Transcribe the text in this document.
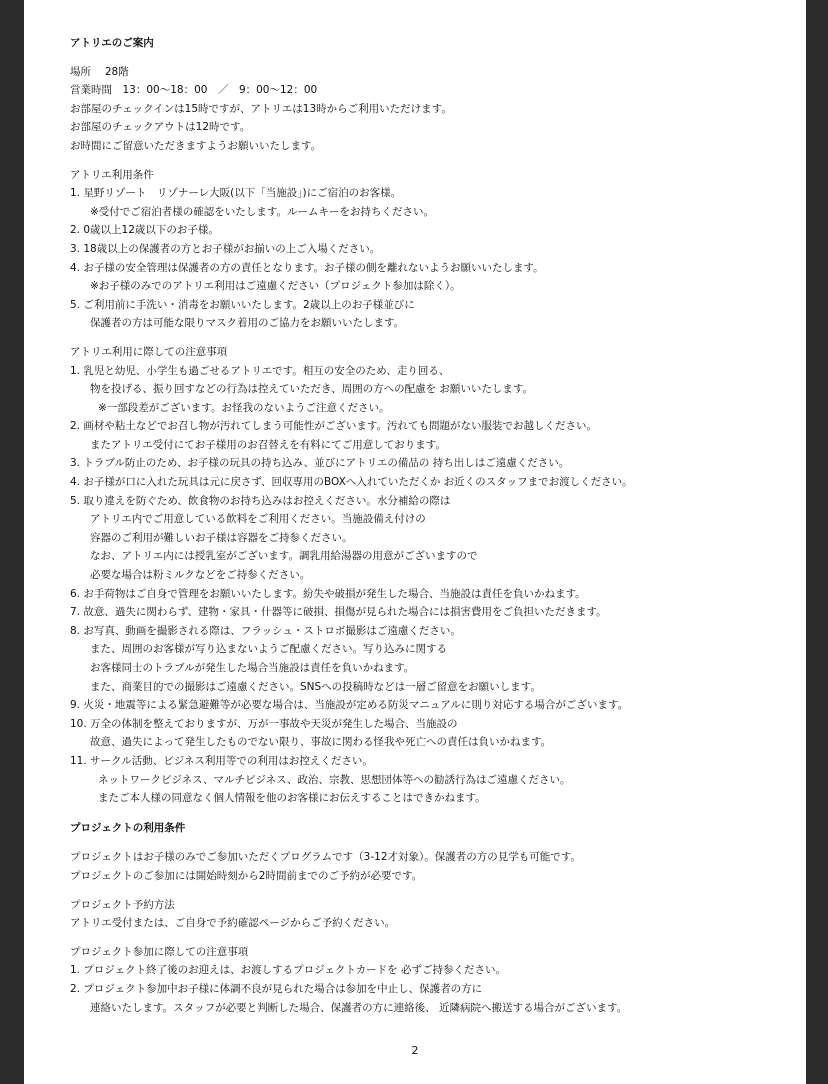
アトリエのご案内
場所　 28階
営業時間　13：00〜18：00　／　9：00〜12：00
お部屋のチェックインは15時ですが、アトリエは13時からご利用いただけます。
お部屋のチェックアウトは12時です。
お時間にご留意いただきますようお願いいたします。
アトリエ利用条件
1. 星野リゾート　リゾナーレ大阪(以下「当施設」)にご宿泊のお客様。
※受付でご宿泊者様の確認をいたします。ルームキーをお持ちください。
2. 0歳以上12歳以下のお子様。
3. 18歳以上の保護者の方とお子様がお揃いの上ご入場ください。
4. お子様の安全管理は保護者の方の責任となります。お子様の側を離れないようお願いいたします。
※お子様のみでのアトリエ利用はご遠慮ください（プロジェクト参加は除く）。
5. ご利用前に手洗い・消毒をお願いいたします。2歳以上のお子様並びに
保護者の方は可能な限りマスク着用のご協力をお願いいたします。
アトリエ利用に際しての注意事項
1. 乳児と幼児、小学生も過ごせるアトリエです。相互の安全のため、走り回る、
物を投げる、振り回すなどの行為は控えていただき、周囲の方への配慮を お願いいたします。
※一部段差がございます。お怪我のないようご注意ください。
2. 画材や粘土などでお召し物が汚れてしまう可能性がございます。汚れても問題がない服装でお越しください。
またアトリエ受付にてお子様用のお召替えを有料にてご用意しております。
3. トラブル防止のため、お子様の玩具の持ち込み、並びにアトリエの備品の 持ち出しはご遠慮ください。
4. お子様が口に入れた玩具は元に戻さず、回収専用のBOXへ入れていただくか お近くのスタッフまでお渡しください。
5. 取り違えを防ぐため、飲食物のお持ち込みはお控えください。水分補給の際は
アトリエ内でご用意している飲料をご利用ください。当施設備え付けの
容器のご利用が難しいお子様は容器をご持参ください。
なお、アトリエ内には授乳室がございます。調乳用給湯器の用意がございますので
必要な場合は粉ミルクなどをご持参ください。
6. お手荷物はご自身で管理をお願いいたします。紛失や破損が発生した場合、当施設は責任を負いかねます。
7. 故意、過失に関わらず、建物・家具・什器等に破損、損傷が見られた場合には損害費用をご負担いただきます。
8. お写真、動画を撮影される際は、フラッシュ・ストロボ撮影はご遠慮ください。
また、周囲のお客様が写り込まないようご配慮ください。写り込みに関する
お客様同士のトラブルが発生した場合当施設は責任を負いかねます。
また、商業目的での撮影はご遠慮ください。SNSへの投稿時などは一層ご留意をお願いします。
9. 火災・地震等による緊急避難等が必要な場合は、当施設が定める防災マニュアルに則り対応する場合がございます。
10. 万全の体制を整えておりますが、万が一事故や天災が発生した場合、当施設の
故意、過失によって発生したものでない限り、事故に関わる怪我や死亡への責任は負いかねます。
11. サークル活動、ビジネス利用等での利用はお控えください。
ネットワークビジネス、マルチビジネス、政治、宗教、思想団体等への勧誘行為はご遠慮ください。
またご本人様の同意なく個人情報を他のお客様にお伝えすることはできかねます。
プロジェクトの利用条件
プロジェクトはお子様のみでご参加いただくプログラムです（3-12才対象）。保護者の方の見学も可能です。
プロジェクトのご参加には開始時刻から2時間前までのご予約が必要です。
プロジェクト予約方法
アトリエ受付または、ご自身で予約確認ページからご予約ください。
プロジェクト参加に際しての注意事項
1. プロジェクト終了後のお迎えは、お渡しするプロジェクトカードを 必ずご持参ください。
2. プロジェクト参加中お子様に体調不良が見られた場合は参加を中止し、保護者の方に
連絡いたします。スタッフが必要と判断した場合、保護者の方に連絡後、 近隣病院へ搬送する場合がございます。
2
